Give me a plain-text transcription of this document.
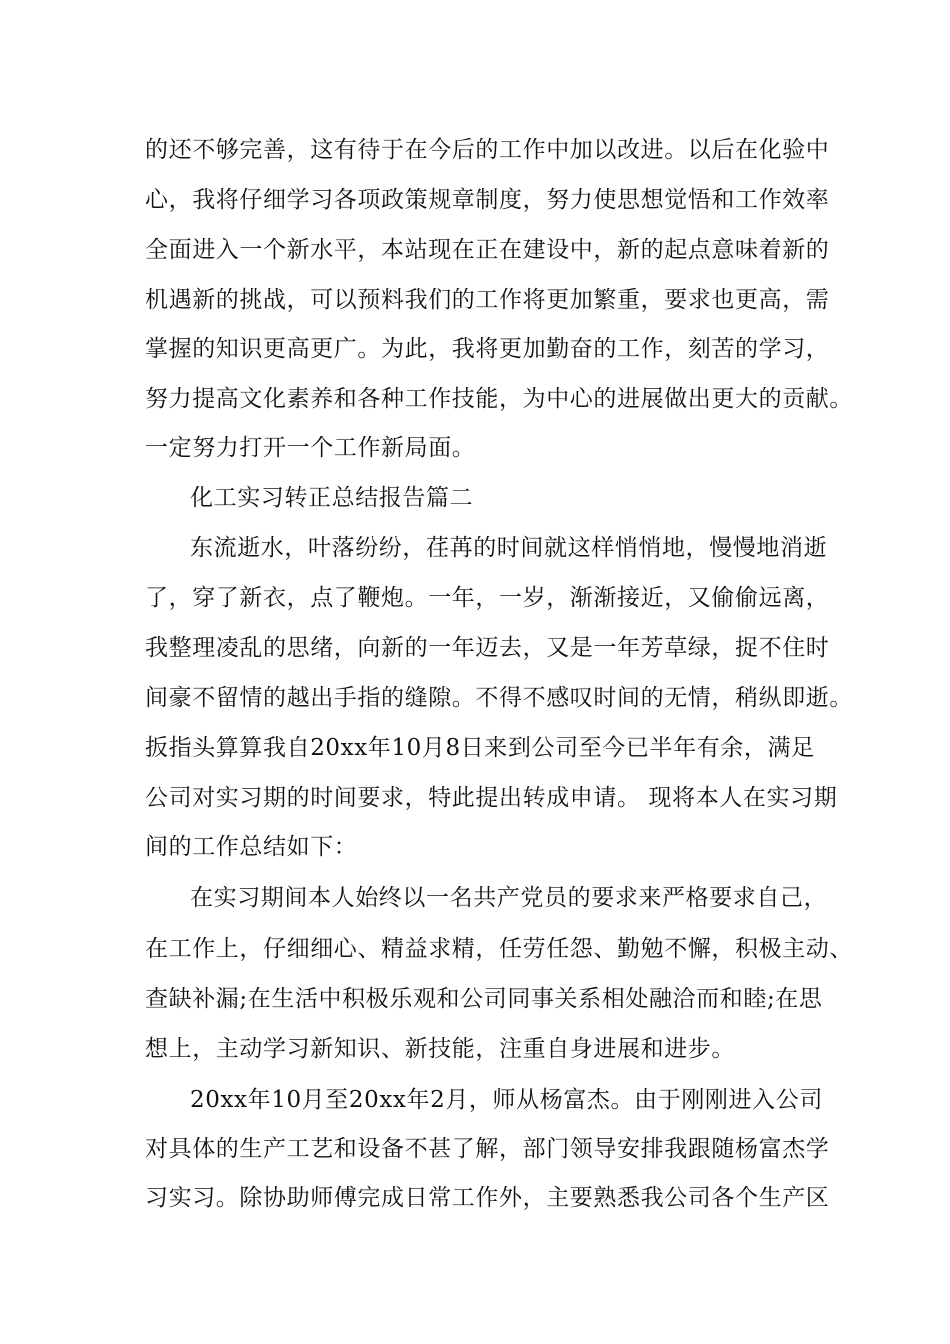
的还不够完善，这有待于在今后的工作中加以改进。以后在化验中
心，我将仔细学习各项政策规章制度，努力使思想觉悟和工作效率
全面进入一个新水平，本站现在正在建设中，新的起点意味着新的
机遇新的挑战，可以预料我们的工作将更加繁重，要求也更高，需
掌握的知识更高更广。为此，我将更加勤奋的工作，刻苦的学习，
努力提高文化素养和各种工作技能，为中心的进展做出更大的贡献。
一定努力打开一个工作新局面。
化工实习转正总结报告篇二
东流逝水，叶落纷纷，荏苒的时间就这样悄悄地，慢慢地消逝
了，穿了新衣，点了鞭炮。一年，一岁，渐渐接近，又偷偷远离，
我整理凌乱的思绪，向新的一年迈去，又是一年芳草绿，捉不住时
间豪不留情的越出手指的缝隙。不得不感叹时间的无情，稍纵即逝。
扳指头算算我自20xx年10月8日来到公司至今已半年有余，满足
公司对实习期的时间要求，特此提出转成申请。 现将本人在实习期
间的工作总结如下：
在实习期间本人始终以一名共产党员的要求来严格要求自己，
在工作上，仔细细心、精益求精，任劳任怨、勤勉不懈，积极主动、
查缺补漏;在生活中积极乐观和公司同事关系相处融洽而和睦;在思
想上，主动学习新知识、新技能，注重自身进展和进步。
20xx年10月至20xx年2月，师从杨富杰。由于刚刚进入公司
对具体的生产工艺和设备不甚了解，部门领导安排我跟随杨富杰学
习实习。除协助师傅完成日常工作外，主要熟悉我公司各个生产区
